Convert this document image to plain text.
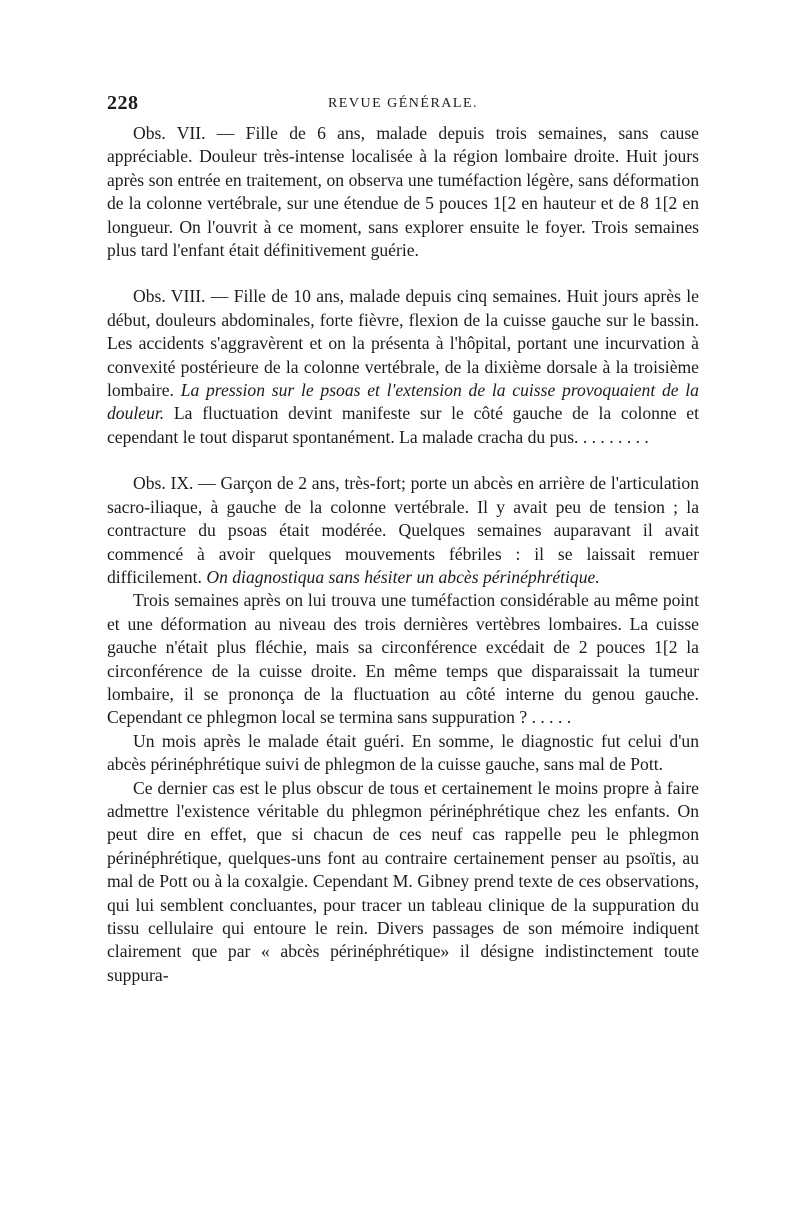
228	REVUE GÉNÉRALE.

Obs. VII. — Fille de 6 ans, malade depuis trois semaines, sans cause appréciable. Douleur très-intense localisée à la région lombaire droite. Huit jours après son entrée en traitement, on observa une tuméfaction légère, sans déformation de la colonne vertébrale, sur une étendue de 5 pouces 1[2 en hauteur et de 8 1[2 en longueur. On l'ouvrit à ce moment, sans explorer ensuite le foyer. Trois semaines plus tard l'enfant était définitivement guérie.

Obs. VIII. — Fille de 10 ans, malade depuis cinq semaines. Huit jours après le début, douleurs abdominales, forte fièvre, flexion de la cuisse gauche sur le bassin. Les accidents s'aggravèrent et on la présenta à l'hôpital, portant une incurvation à convexité postérieure de la colonne vertébrale, de la dixième dorsale à la troisième lombaire. La pression sur le psoas et l'extension de la cuisse provoquaient de la douleur. La fluctuation devint manifeste sur le côté gauche de la colonne et cependant le tout disparut spontanément. La malade cracha du pus. . . . . . . . .

Obs. IX. — Garçon de 2 ans, très-fort; porte un abcès en arrière de l'articulation sacro-iliaque, à gauche de la colonne vertébrale. Il y avait peu de tension ; la contracture du psoas était modérée. Quelques semaines auparavant il avait commencé à avoir quelques mouvements fébriles : il se laissait remuer difficilement. On diagnostiqua sans hésiter un abcès périnéphrétique.

Trois semaines après on lui trouva une tuméfaction considérable au même point et une déformation au niveau des trois dernières vertèbres lombaires. La cuisse gauche n'était plus fléchie, mais sa circonférence excédait de 2 pouces 1[2 la circonférence de la cuisse droite. En même temps que disparaissait la tumeur lombaire, il se prononça de la fluctuation au côté interne du genou gauche. Cependant ce phlegmon local se termina sans suppuration ? . . . . .

Un mois après le malade était guéri. En somme, le diagnostic fut celui d'un abcès périnéphrétique suivi de phlegmon de la cuisse gauche, sans mal de Pott.

Ce dernier cas est le plus obscur de tous et certainement le moins propre à faire admettre l'existence véritable du phlegmon périnéphrétique chez les enfants. On peut dire en effet, que si chacun de ces neuf cas rappelle peu le phlegmon périnéphrétique, quelques-uns font au contraire certainement penser au psoïtis, au mal de Pott ou à la coxalgie. Cependant M. Gibney prend texte de ces observations, qui lui semblent concluantes, pour tracer un tableau clinique de la suppuration du tissu cellulaire qui entoure le rein. Divers passages de son mémoire indiquent clairement que par « abcès périnéphrétique» il désigne indistinctement toute suppura-
